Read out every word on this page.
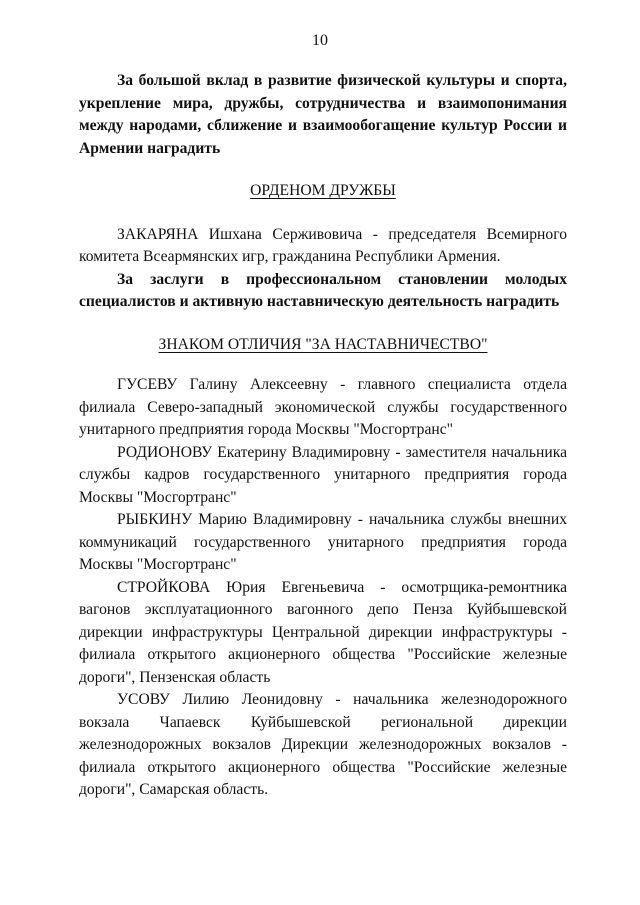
10

За большой вклад в развитие физической культуры и спорта, укрепление мира, дружбы, сотрудничества и взаимопонимания между народами, сближение и взаимообогащение культур России и Армении наградить

ОРДЕНОМ ДРУЖБЫ

ЗАКАРЯНА Ишхана Серживовича - председателя Всемирного комитета Всеармянских игр, гражданина Республики Армения.

За заслуги в профессиональном становлении молодых специалистов и активную наставническую деятельность наградить

ЗНАКОМ ОТЛИЧИЯ "ЗА НАСТАВНИЧЕСТВО"

ГУСЕВУ Галину Алексеевну - главного специалиста отдела филиала Северо-западный экономической службы государственного унитарного предприятия города Москвы "Мосгортранс"

РОДИОНОВУ Екатерину Владимировну - заместителя начальника службы кадров государственного унитарного предприятия города Москвы "Мосгортранс"

РЫБКИНУ Марию Владимировну - начальника службы внешних коммуникаций государственного унитарного предприятия города Москвы "Мосгортранс"

СТРОЙКОВА Юрия Евгеньевича - осмотрщика-ремонтника вагонов эксплуатационного вагонного депо Пенза Куйбышевской дирекции инфраструктуры Центральной дирекции инфраструктуры - филиала открытого акционерного общества "Российские железные дороги", Пензенская область

УСОВУ Лилию Леонидовну - начальника железнодорожного вокзала Чапаевск Куйбышевской региональной дирекции железнодорожных вокзалов Дирекции железнодорожных вокзалов - филиала открытого акционерного общества "Российские железные дороги", Самарская область.
